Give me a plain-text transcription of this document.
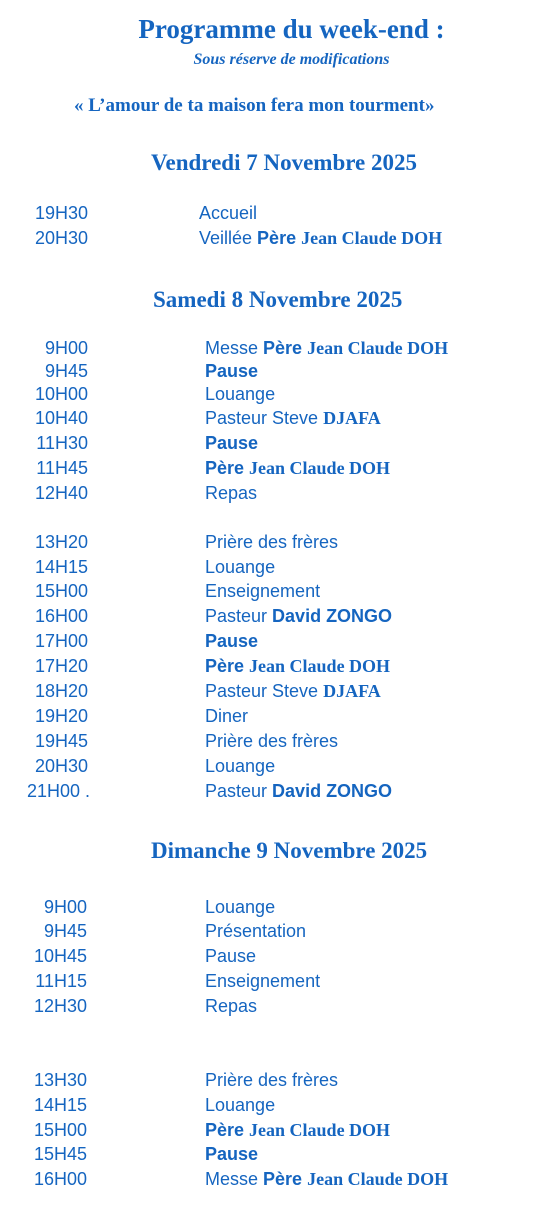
Programme du week-end :
Sous réserve de modifications
« L’amour de ta maison fera mon tourment»
Vendredi 7 Novembre 2025
19H30	Accueil
20H30	Veillée Père Jean Claude DOH
Samedi 8 Novembre 2025
9H00	Messe Père Jean Claude DOH
9H45	Pause
10H00	Louange
10H40	Pasteur Steve DJAFA
11H30	Pause
11H45	Père Jean Claude DOH
12H40	Repas
13H20	Prière des frères
14H15	Louange
15H00	Enseignement
16H00	Pasteur David ZONGO
17H00	Pause
17H20	Père Jean Claude DOH
18H20	Pasteur Steve DJAFA
19H20	Diner
19H45	Prière des frères
20H30	Louange
21H00 .	Pasteur David ZONGO
Dimanche 9 Novembre 2025
9H00	Louange
9H45	Présentation
10H45	Pause
11H15	Enseignement
12H30	Repas
13H30	Prière des frères
14H15	Louange
15H00	Père Jean Claude DOH
15H45	Pause
16H00	Messe Père Jean Claude DOH
